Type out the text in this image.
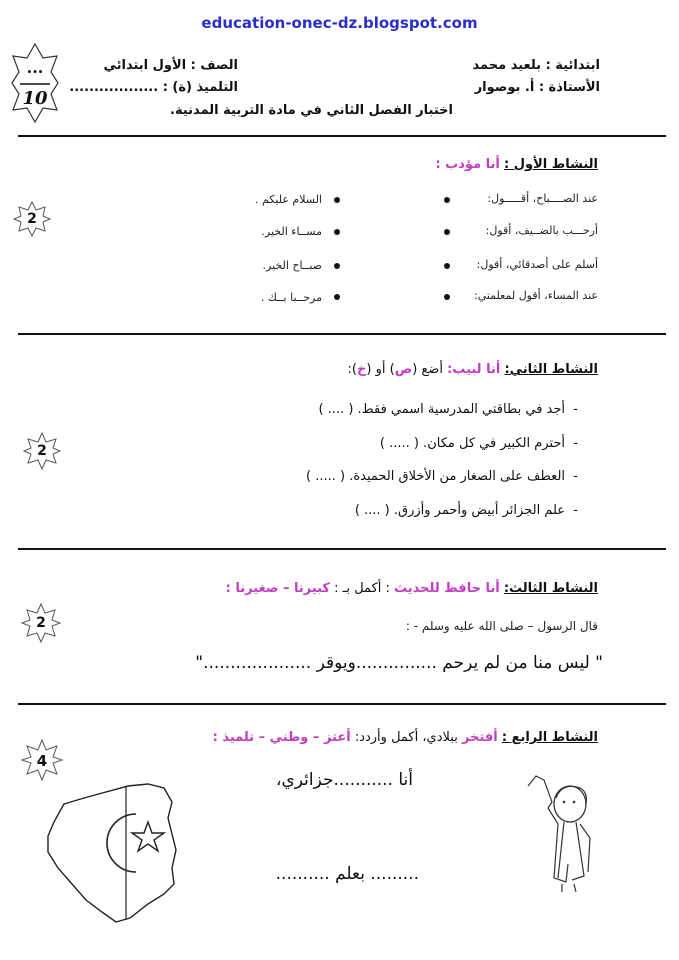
education-onec-dz.blogspot.com
...
10
ابتدائية : بلعيد محمد
الأستاذة : أ. بوصوار
الصف : الأول ابتدائي
التلميذ (ة) : ..................
اختبار الفصل الثاني في مادة التربية المدنية.
النشاط الأول : أنا مؤدب :
2
عند الصــــباح، أقـــــول:
أرحـــب بالضــيف، أقول:
أسلم على أصدقائي، أقول:
عند المساء، أقول لمعلمتي:
السلام عليكم .
مســاء الخير.
صبــاح الخير.
مرحــبا بــك .
النشاط الثاني: أنا لبيب: أضع (ص) أو (خ):
2
-  أجد في بطاقتي المدرسية اسمي فقط. ( .... )
-  أحترم الكبير في كل مكان. ( ..... )
-  العطف على الصغار من الأخلاق الحميدة. ( ..... )
-  علم الجزائر أبيض وأحمر وأزرق. ( .... )
النشاط الثالث: أنا حافظ للحديث : أكمل بـ : كبيرنا – صغيرنا :
2	قال الرسول – صلى الله عليه وسلم - :
" ليس منا من لم يرحم ...............ويوقر ...................."
النشاط الرابع : أفتخر ببلادي، أكمل وأردد: أعتز – وطني – تلميذ :
4
أنا ...........جزائري،
......... بعلم ..........
